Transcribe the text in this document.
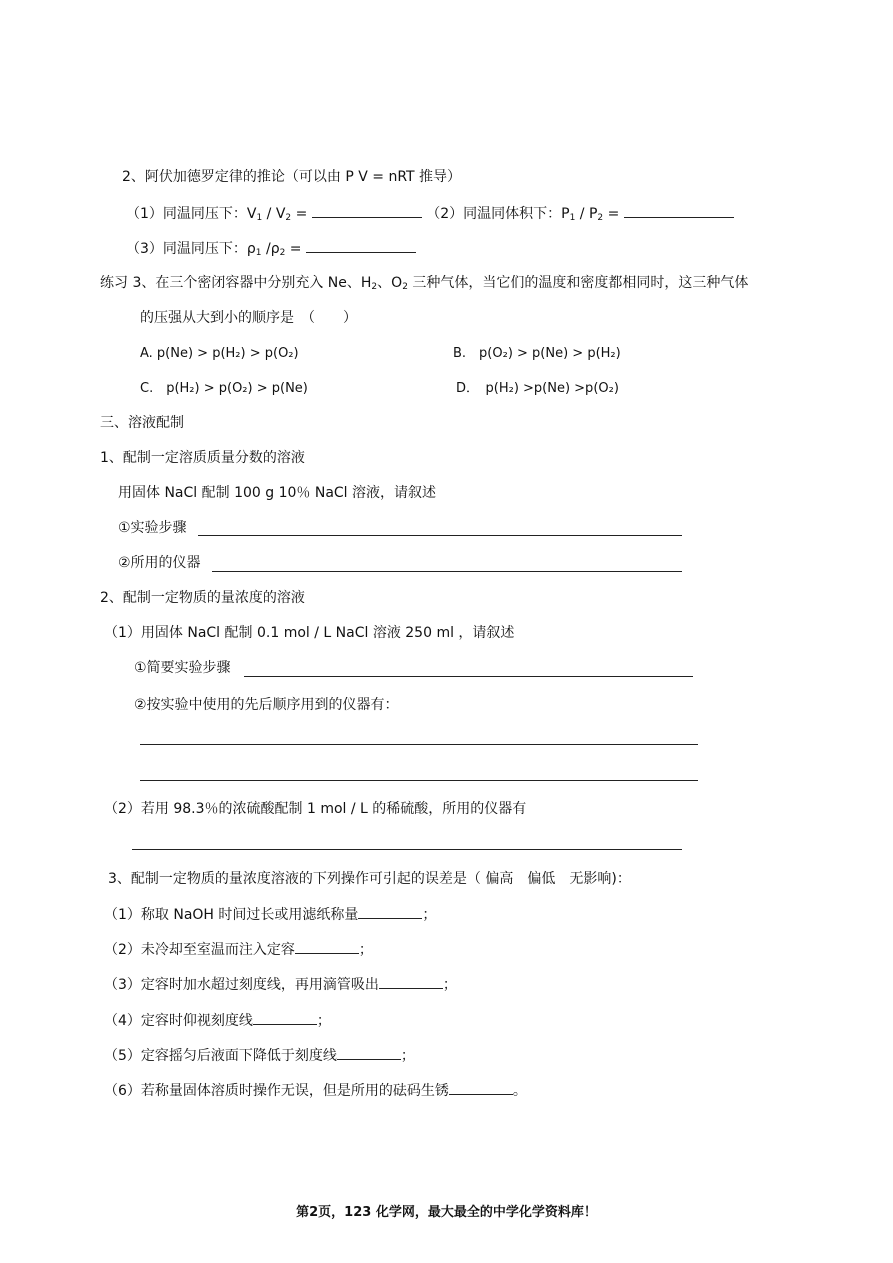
2、阿伏加德罗定律的推论（可以由 P V = nRT 推导）
（1）同温同压下：$V_1 / V_2$ =	（2）同温同体积下：$P_1 / P_2$ =
（3）同温同压下：$\rho_1$ $/\rho_2$ =
练习 3、在三个密闭容器中分别充入 Ne、$H_2$、$O_2$ 三种气体，当它们的温度和密度都相同时，这三种气体
的压强从大到小的顺序是　（　　）
A. p(Ne) > p(H₂) > p(O₂)	B.　p(O₂) > p(Ne) > p(H₂)
C.　p(H₂) > p(O₂) > p(Ne)	D．　p(H₂) >p(Ne) >p(O₂)
三、溶液配制
1、配制一定溶质质量分数的溶液
用固体 NaCl 配制 100 g 10％ NaCl 溶液，请叙述
①实验步骤
②所用的仪器
2、配制一定物质的量浓度的溶液
（1）用固体 NaCl 配制 0.1 mol / L NaCl 溶液 250 ml ，请叙述
①简要实验步骤
②按实验中使用的先后顺序用到的仪器有：
（2）若用 98.3％的浓硫酸配制 1 mol / L 的稀硫酸，所用的仪器有
3、配制一定物质的量浓度溶液的下列操作可引起的误差是（ 偏高　偏低　无影响)：
（1）称取 NaOH 时间过长或用滤纸称量	；
（2）未冷却至室温而注入定容	；
（3）定容时加水超过刻度线，再用滴管吸出	；
（4）定容时仰视刻度线	；
（5）定容摇匀后液面下降低于刻度线	；
（6）若称量固体溶质时操作无误，但是所用的砝码生锈	。
第2页，123 化学网，最大最全的中学化学资料库！
